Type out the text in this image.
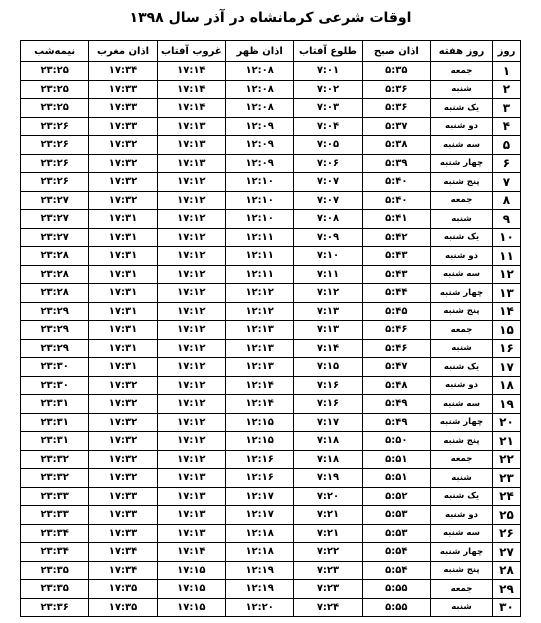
اوقات شرعی کرمانشاه در آذر سال ۱۳۹۸
روز	روز هفته	اذان صبح	طلوع آفتاب	اذان ظهر	غروب آفتاب	اذان مغرب	نیمه‌شب
۱	جمعه	۵:۳۵	۷:۰۱	۱۲:۰۸	۱۷:۱۴	۱۷:۳۴	۲۳:۲۵
۲	شنبه	۵:۳۶	۷:۰۲	۱۲:۰۸	۱۷:۱۴	۱۷:۳۳	۲۳:۲۵
۳	یک شنبه	۵:۳۶	۷:۰۳	۱۲:۰۸	۱۷:۱۴	۱۷:۳۳	۲۳:۲۵
۴	دو شنبه	۵:۳۷	۷:۰۴	۱۲:۰۹	۱۷:۱۳	۱۷:۳۳	۲۳:۲۶
۵	سه شنبه	۵:۳۸	۷:۰۵	۱۲:۰۹	۱۷:۱۳	۱۷:۳۲	۲۳:۲۶
۶	چهار شنبه	۵:۳۹	۷:۰۶	۱۲:۰۹	۱۷:۱۳	۱۷:۳۲	۲۳:۲۶
۷	پنج شنبه	۵:۴۰	۷:۰۷	۱۲:۱۰	۱۷:۱۲	۱۷:۳۲	۲۳:۲۶
۸	جمعه	۵:۴۰	۷:۰۷	۱۲:۱۰	۱۷:۱۲	۱۷:۳۲	۲۳:۲۷
۹	شنبه	۵:۴۱	۷:۰۸	۱۲:۱۰	۱۷:۱۲	۱۷:۳۱	۲۳:۲۷
۱۰	یک شنبه	۵:۴۲	۷:۰۹	۱۲:۱۱	۱۷:۱۲	۱۷:۳۱	۲۳:۲۷
۱۱	دو شنبه	۵:۴۳	۷:۱۰	۱۲:۱۱	۱۷:۱۲	۱۷:۳۱	۲۳:۲۸
۱۲	سه شنبه	۵:۴۳	۷:۱۱	۱۲:۱۱	۱۷:۱۲	۱۷:۳۱	۲۳:۲۸
۱۳	چهار شنبه	۵:۴۴	۷:۱۲	۱۲:۱۲	۱۷:۱۲	۱۷:۳۱	۲۳:۲۸
۱۴	پنج شنبه	۵:۴۵	۷:۱۳	۱۲:۱۲	۱۷:۱۲	۱۷:۳۱	۲۳:۲۹
۱۵	جمعه	۵:۴۶	۷:۱۳	۱۲:۱۳	۱۷:۱۲	۱۷:۳۱	۲۳:۲۹
۱۶	شنبه	۵:۴۶	۷:۱۴	۱۲:۱۳	۱۷:۱۲	۱۷:۳۱	۲۳:۲۹
۱۷	یک شنبه	۵:۴۷	۷:۱۵	۱۲:۱۳	۱۷:۱۲	۱۷:۳۱	۲۳:۳۰
۱۸	دو شنبه	۵:۴۸	۷:۱۶	۱۲:۱۴	۱۷:۱۲	۱۷:۳۲	۲۳:۳۰
۱۹	سه شنبه	۵:۴۹	۷:۱۶	۱۲:۱۴	۱۷:۱۲	۱۷:۳۲	۲۳:۳۱
۲۰	چهار شنبه	۵:۴۹	۷:۱۷	۱۲:۱۵	۱۷:۱۲	۱۷:۳۲	۲۳:۳۱
۲۱	پنج شنبه	۵:۵۰	۷:۱۸	۱۲:۱۵	۱۷:۱۲	۱۷:۳۲	۲۳:۳۱
۲۲	جمعه	۵:۵۱	۷:۱۸	۱۲:۱۶	۱۷:۱۲	۱۷:۳۲	۲۳:۳۲
۲۳	شنبه	۵:۵۱	۷:۱۹	۱۲:۱۶	۱۷:۱۳	۱۷:۳۲	۲۳:۳۲
۲۴	یک شنبه	۵:۵۲	۷:۲۰	۱۲:۱۷	۱۷:۱۳	۱۷:۳۳	۲۳:۳۳
۲۵	دو شنبه	۵:۵۳	۷:۲۱	۱۲:۱۷	۱۷:۱۳	۱۷:۳۳	۲۳:۳۳
۲۶	سه شنبه	۵:۵۳	۷:۲۱	۱۲:۱۸	۱۷:۱۳	۱۷:۳۳	۲۳:۳۴
۲۷	چهار شنبه	۵:۵۴	۷:۲۲	۱۲:۱۸	۱۷:۱۴	۱۷:۳۴	۲۳:۳۴
۲۸	پنج شنبه	۵:۵۴	۷:۲۳	۱۲:۱۹	۱۷:۱۵	۱۷:۳۴	۲۳:۳۵
۲۹	جمعه	۵:۵۵	۷:۲۳	۱۲:۱۹	۱۷:۱۵	۱۷:۳۵	۲۳:۳۵
۳۰	شنبه	۵:۵۵	۷:۲۴	۱۲:۲۰	۱۷:۱۵	۱۷:۳۵	۲۳:۳۶
